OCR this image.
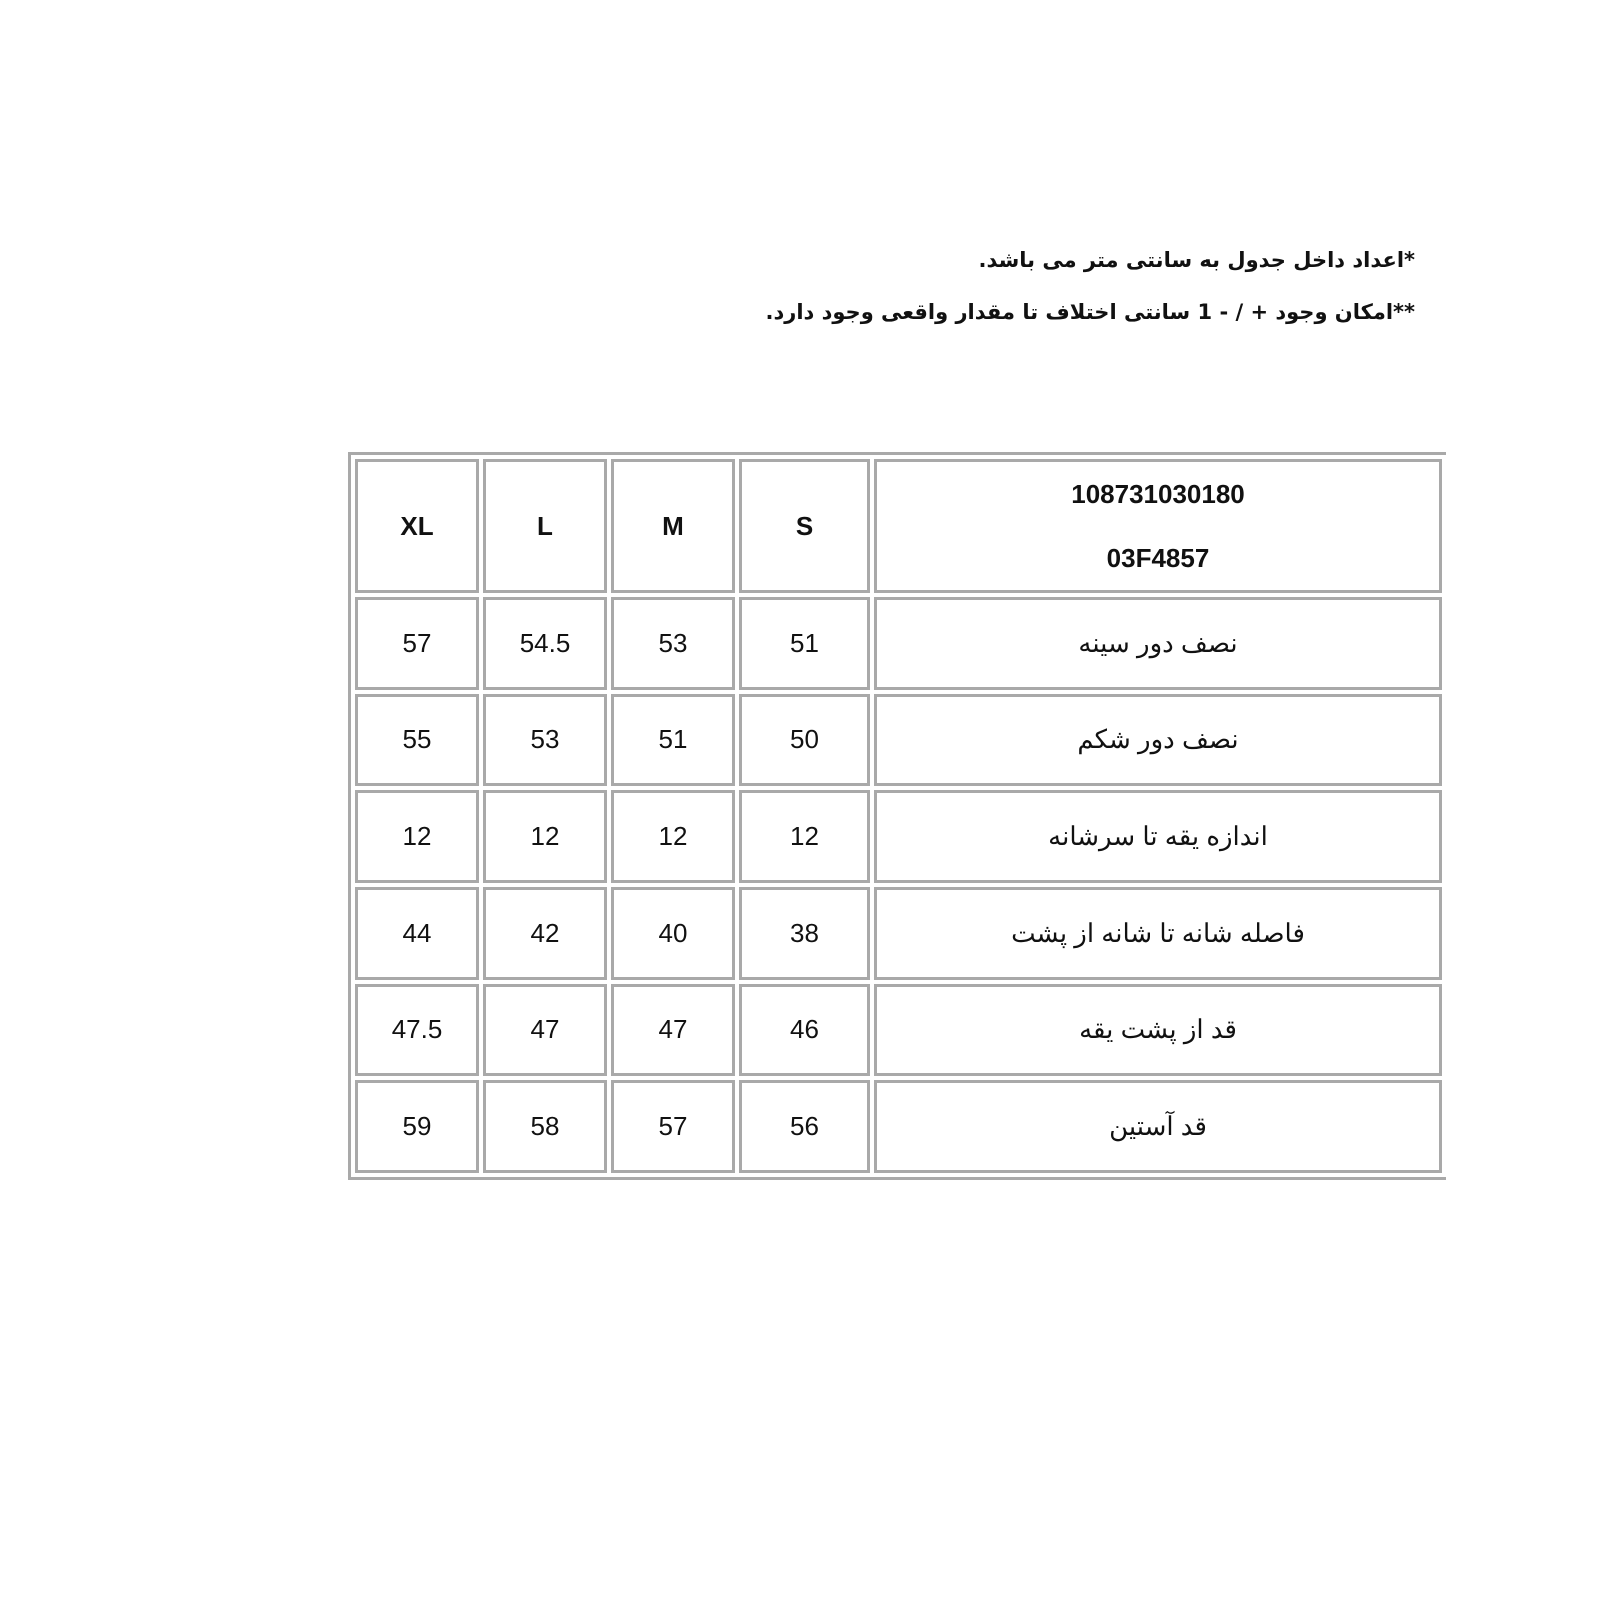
*اعداد داخل جدول به سانتی متر می باشد.
**امکان وجود + / - 1 سانتی اختلاف تا مقدار واقعی وجود دارد.
XL	L	M	S	108731030180
03F4857

57	54.5	53	51	نصف دور سینه
55	53	51	50	نصف دور شکم
12	12	12	12	اندازه یقه تا سرشانه
44	42	40	38	فاصله شانه تا شانه از پشت
47.5	47	47	46	قد از پشت یقه
59	58	57	56	قد آستین
